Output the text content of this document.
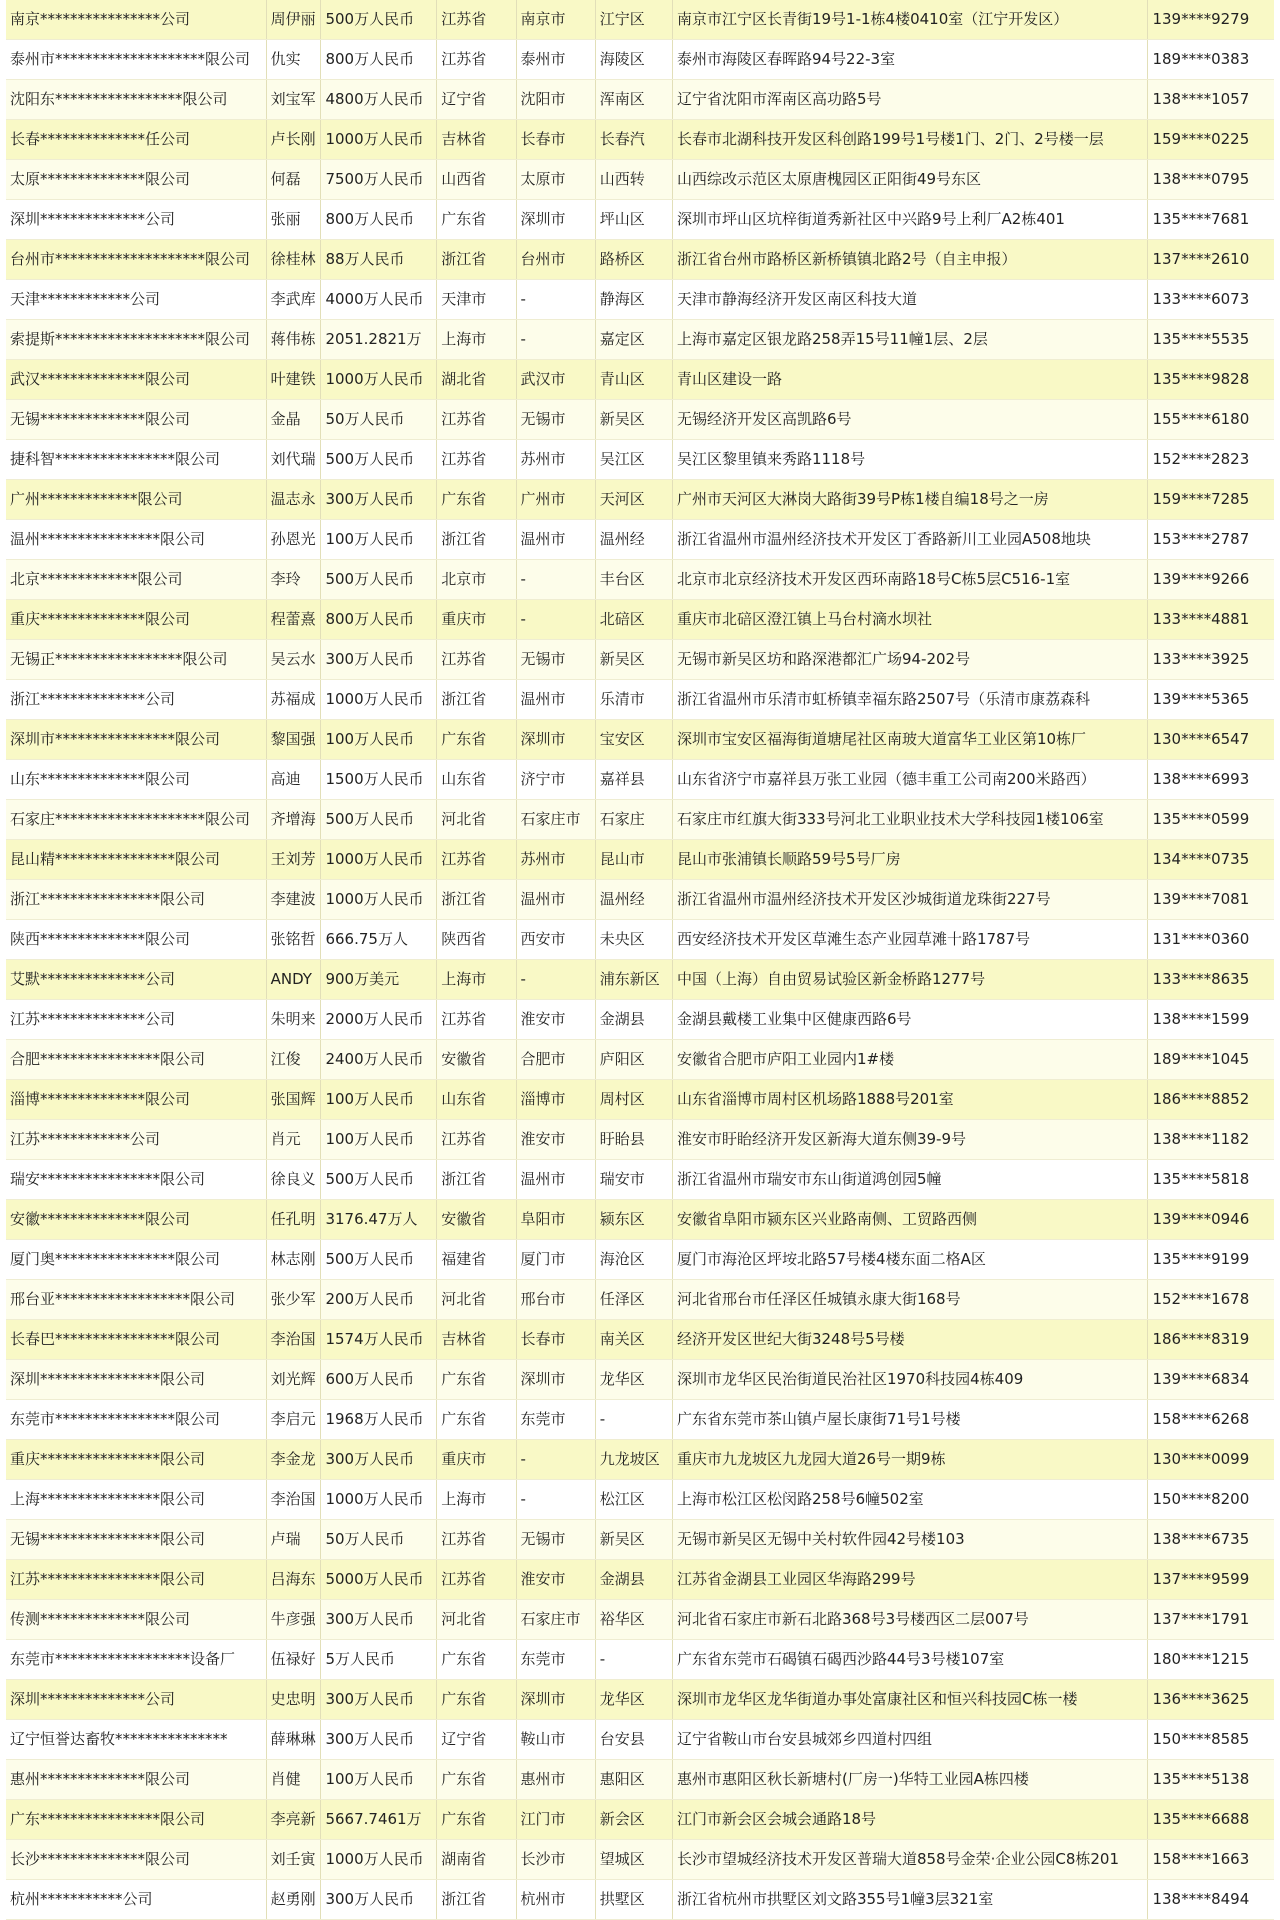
南京****************公司	周伊丽	500万人民币	江苏省	南京市	江宁区	南京市江宁区长青街19号1-1栋4楼0410室（江宁开发区）	139****9279
泰州市********************限公司	仇实	800万人民币	江苏省	泰州市	海陵区	泰州市海陵区春晖路94号22-3室	189****0383
沈阳东*****************限公司	刘宝军	4800万人民币	辽宁省	沈阳市	浑南区	辽宁省沈阳市浑南区高功路5号	138****1057
长春**************任公司	卢长刚	1000万人民币	吉林省	长春市	长春汽	长春市北湖科技开发区科创路199号1号楼1门、2门、2号楼一层	159****0225
太原**************限公司	何磊	7500万人民币	山西省	太原市	山西转	山西综改示范区太原唐槐园区正阳街49号东区	138****0795
深圳**************公司	张丽	800万人民币	广东省	深圳市	坪山区	深圳市坪山区坑梓街道秀新社区中兴路9号上利厂A2栋401	135****7681
台州市********************限公司	徐桂林	88万人民币	浙江省	台州市	路桥区	浙江省台州市路桥区新桥镇镇北路2号（自主申报）	137****2610
天津************公司	李武库	4000万人民币	天津市	-	静海区	天津市静海经济开发区南区科技大道	133****6073
索提斯********************限公司	蒋伟栋	2051.2821万	上海市	-	嘉定区	上海市嘉定区银龙路258弄15号11幢1层、2层	135****5535
武汉**************限公司	叶建铁	1000万人民币	湖北省	武汉市	青山区	青山区建设一路	135****9828
无锡**************限公司	金晶	50万人民币	江苏省	无锡市	新吴区	无锡经济开发区高凯路6号	155****6180
捷科智****************限公司	刘代瑞	500万人民币	江苏省	苏州市	吴江区	吴江区黎里镇来秀路1118号	152****2823
广州*************限公司	温志永	300万人民币	广东省	广州市	天河区	广州市天河区大淋岗大路街39号P栋1楼自编18号之一房	159****7285
温州****************限公司	孙恩光	100万人民币	浙江省	温州市	温州经	浙江省温州市温州经济技术开发区丁香路新川工业园A508地块	153****2787
北京*************限公司	李玲	500万人民币	北京市	-	丰台区	北京市北京经济技术开发区西环南路18号C栋5层C516-1室	139****9266
重庆**************限公司	程蕾熹	800万人民币	重庆市	-	北碚区	重庆市北碚区澄江镇上马台村滴水坝社	133****4881
无锡正*****************限公司	吴云水	300万人民币	江苏省	无锡市	新吴区	无锡市新吴区坊和路深港都汇广场94-202号	133****3925
浙江**************公司	苏福成	1000万人民币	浙江省	温州市	乐清市	浙江省温州市乐清市虹桥镇幸福东路2507号（乐清市康荔森科	139****5365
深圳市****************限公司	黎国强	100万人民币	广东省	深圳市	宝安区	深圳市宝安区福海街道塘尾社区南玻大道富华工业区第10栋厂	130****6547
山东**************限公司	高迪	1500万人民币	山东省	济宁市	嘉祥县	山东省济宁市嘉祥县万张工业园（德丰重工公司南200米路西）	138****6993
石家庄********************限公司	齐增海	500万人民币	河北省	石家庄市	石家庄	石家庄市红旗大街333号河北工业职业技术大学科技园1楼106室	135****0599
昆山精****************限公司	王刘芳	1000万人民币	江苏省	苏州市	昆山市	昆山市张浦镇长顺路59号5号厂房	134****0735
浙江****************限公司	李建波	1000万人民币	浙江省	温州市	温州经	浙江省温州市温州经济技术开发区沙城街道龙珠街227号	139****7081
陕西**************限公司	张铭哲	666.75万人	陕西省	西安市	未央区	西安经济技术开发区草滩生态产业园草滩十路1787号	131****0360
艾默**************公司	ANDY	900万美元	上海市	-	浦东新区	中国（上海）自由贸易试验区新金桥路1277号	133****8635
江苏**************公司	朱明来	2000万人民币	江苏省	淮安市	金湖县	金湖县戴楼工业集中区健康西路6号	138****1599
合肥****************限公司	江俊	2400万人民币	安徽省	合肥市	庐阳区	安徽省合肥市庐阳工业园内1#楼	189****1045
淄博**************限公司	张国辉	100万人民币	山东省	淄博市	周村区	山东省淄博市周村区机场路1888号201室	186****8852
江苏************公司	肖元	100万人民币	江苏省	淮安市	盱眙县	淮安市盱眙经济开发区新海大道东侧39-9号	138****1182
瑞安****************限公司	徐良义	500万人民币	浙江省	温州市	瑞安市	浙江省温州市瑞安市东山街道鸿创园5幢	135****5818
安徽**************限公司	任孔明	3176.47万人	安徽省	阜阳市	颍东区	安徽省阜阳市颍东区兴业路南侧、工贸路西侧	139****0946
厦门奥****************限公司	林志刚	500万人民币	福建省	厦门市	海沧区	厦门市海沧区坪垵北路57号楼4楼东面二格A区	135****9199
邢台亚******************限公司	张少军	200万人民币	河北省	邢台市	任泽区	河北省邢台市任泽区任城镇永康大街168号	152****1678
长春巴****************限公司	李治国	1574万人民币	吉林省	长春市	南关区	经济开发区世纪大街3248号5号楼	186****8319
深圳****************限公司	刘光辉	600万人民币	广东省	深圳市	龙华区	深圳市龙华区民治街道民治社区1970科技园4栋409	139****6834
东莞市****************限公司	李启元	1968万人民币	广东省	东莞市	-	广东省东莞市茶山镇卢屋长康街71号1号楼	158****6268
重庆****************限公司	李金龙	300万人民币	重庆市	-	九龙坡区	重庆市九龙坡区九龙园大道26号一期9栋	130****0099
上海****************限公司	李治国	1000万人民币	上海市	-	松江区	上海市松江区松闵路258号6幢502室	150****8200
无锡****************限公司	卢瑞	50万人民币	江苏省	无锡市	新吴区	无锡市新吴区无锡中关村软件园42号楼103	138****6735
江苏****************限公司	吕海东	5000万人民币	江苏省	淮安市	金湖县	江苏省金湖县工业园区华海路299号	137****9599
传测**************限公司	牛彦强	300万人民币	河北省	石家庄市	裕华区	河北省石家庄市新石北路368号3号楼西区二层007号	137****1791
东莞市******************设备厂	伍禄好	5万人民币	广东省	东莞市	-	广东省东莞市石碣镇石碣西沙路44号3号楼107室	180****1215
深圳**************公司	史忠明	300万人民币	广东省	深圳市	龙华区	深圳市龙华区龙华街道办事处富康社区和恒兴科技园C栋一楼	136****3625
辽宁恒誉达畜牧***************	薛琳琳	300万人民币	辽宁省	鞍山市	台安县	辽宁省鞍山市台安县城郊乡四道村四组	150****8585
惠州**************限公司	肖健	100万人民币	广东省	惠州市	惠阳区	惠州市惠阳区秋长新塘村(厂房一)华特工业园A栋四楼	135****5138
广东****************限公司	李亮新	5667.7461万	广东省	江门市	新会区	江门市新会区会城会通路18号	135****6688
长沙**************限公司	刘壬寅	1000万人民币	湖南省	长沙市	望城区	长沙市望城经济技术开发区普瑞大道858号金荣·企业公园C8栋201	158****1663
杭州***********公司	赵勇刚	300万人民币	浙江省	杭州市	拱墅区	浙江省杭州市拱墅区刘文路355号1幢3层321室	138****8494
